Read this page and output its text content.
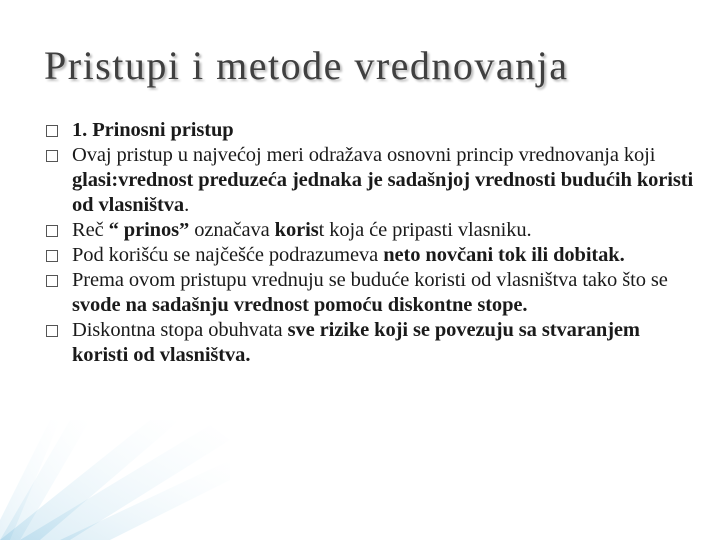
Pristupi i metode vrednovanja
1. Prinosni pristup
Ovaj pristup u najvećoj meri odražava osnovni princip vrednovanja koji glasi:vrednost preduzeća jednaka je sadašnjoj vrednosti budućih koristi od vlasništva.
Reč “ prinos” označava korist koja će pripasti vlasniku.
Pod korišću se najčešće podrazumeva neto novčani tok ili dobitak.
Prema ovom pristupu vrednuju se buduće koristi od vlasništva tako što se svode na sadašnju vrednost pomoću diskontne stope.
Diskontna stopa obuhvata sve rizike koji se povezuju sa stvaranjem koristi od vlasništva.
